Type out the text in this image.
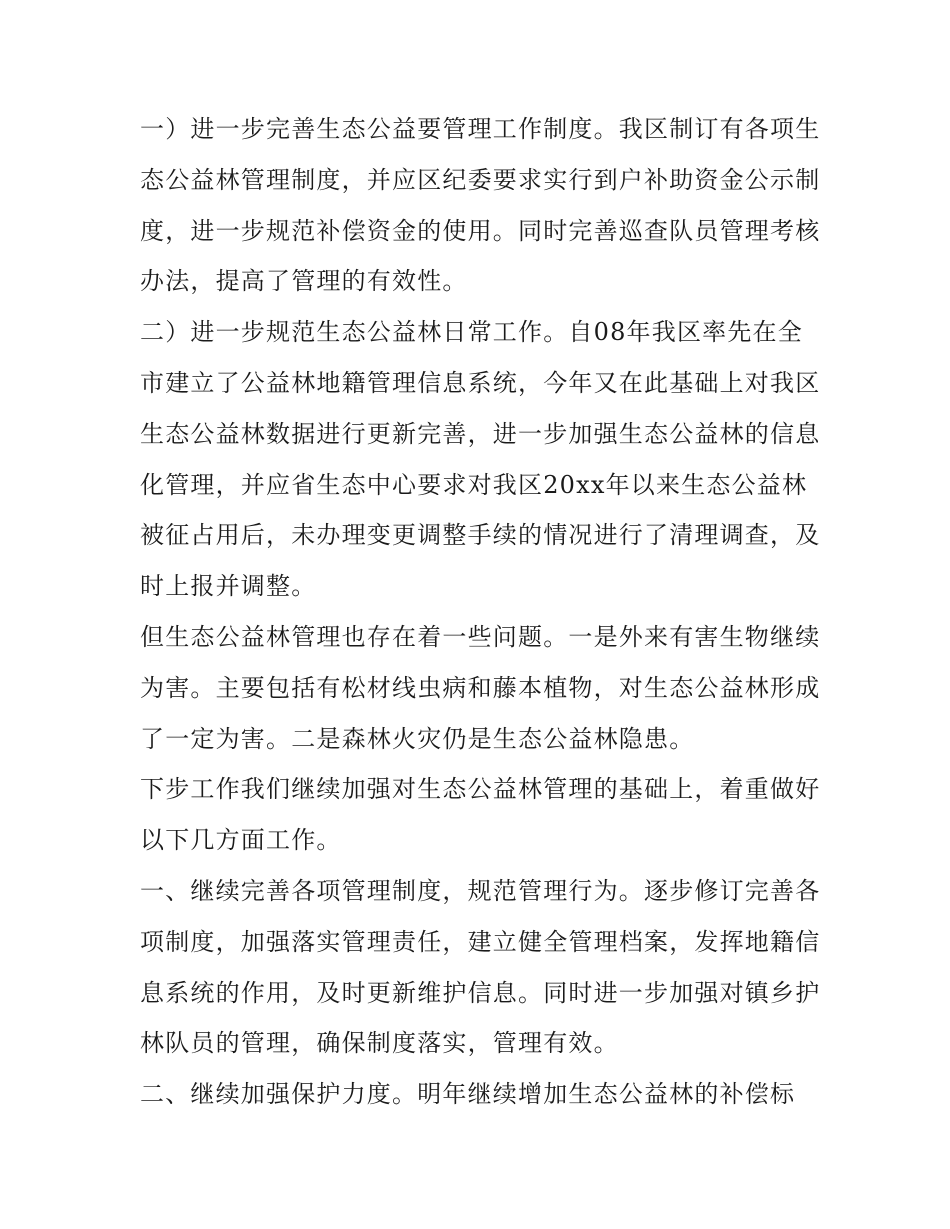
一）进一步完善生态公益要管理工作制度。我区制订有各项生
态公益林管理制度，并应区纪委要求实行到户补助资金公示制
度，进一步规范补偿资金的使用。同时完善巡查队员管理考核
办法，提高了管理的有效性。
二）进一步规范生态公益林日常工作。自08年我区率先在全
市建立了公益林地籍管理信息系统，今年又在此基础上对我区
生态公益林数据进行更新完善，进一步加强生态公益林的信息
化管理，并应省生态中心要求对我区20xx年以来生态公益林
被征占用后，未办理变更调整手续的情况进行了清理调查，及
时上报并调整。
但生态公益林管理也存在着一些问题。一是外来有害生物继续
为害。主要包括有松材线虫病和藤本植物，对生态公益林形成
了一定为害。二是森林火灾仍是生态公益林隐患。
下步工作我们继续加强对生态公益林管理的基础上，着重做好
以下几方面工作。
一、继续完善各项管理制度，规范管理行为。逐步修订完善各
项制度，加强落实管理责任，建立健全管理档案，发挥地籍信
息系统的作用，及时更新维护信息。同时进一步加强对镇乡护
林队员的管理，确保制度落实，管理有效。
二、继续加强保护力度。明年继续增加生态公益林的补偿标
